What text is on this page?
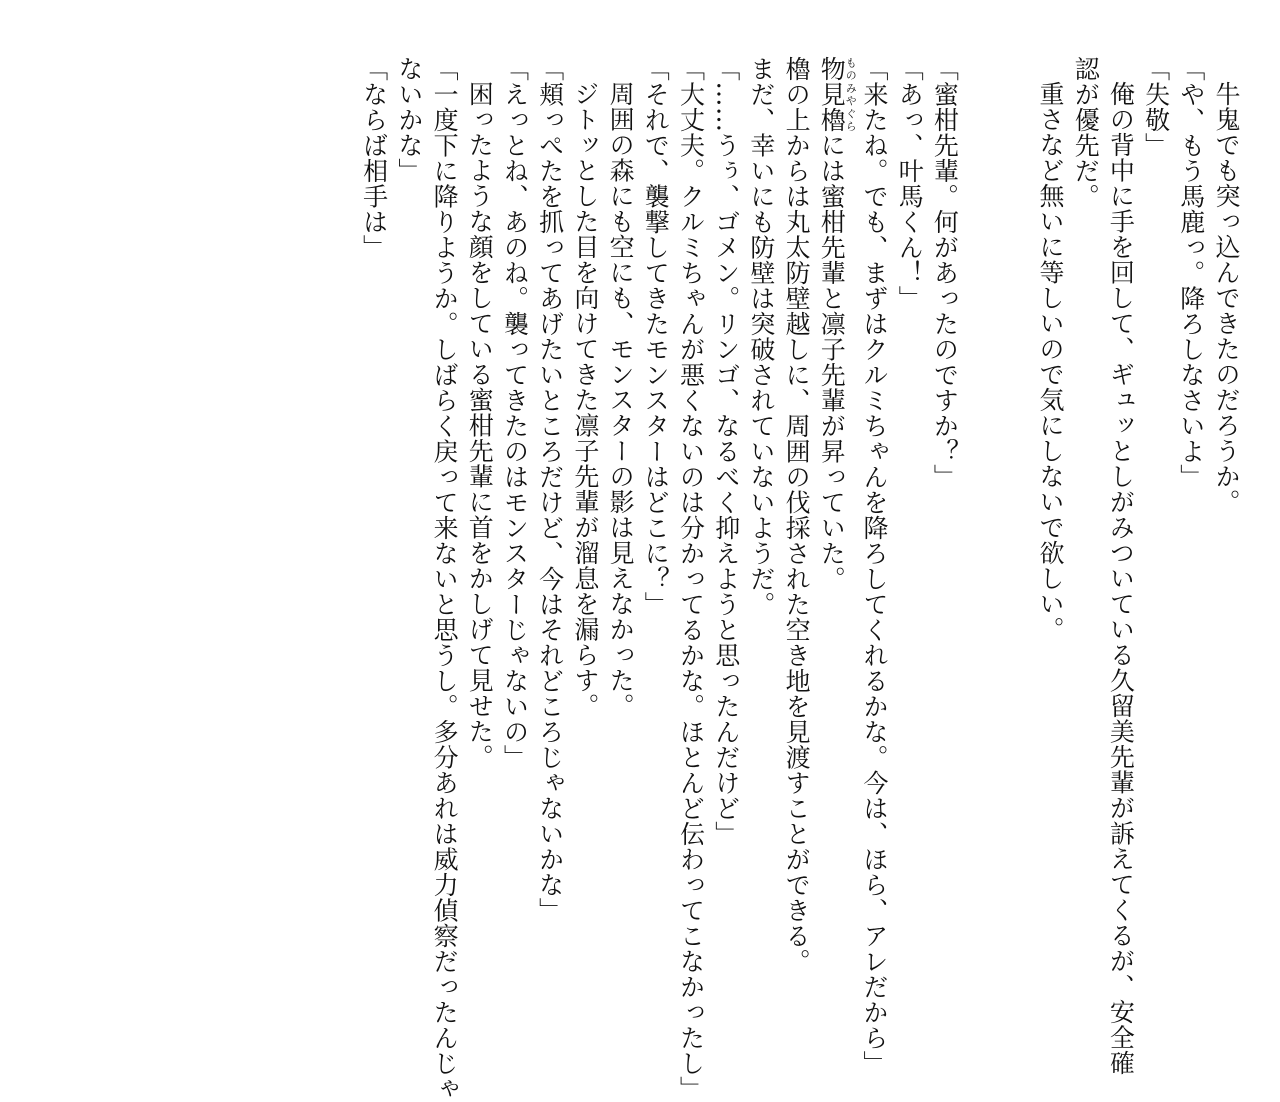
牛鬼でも突っ込んできたのだろうか。
「や、もう馬鹿っ。降ろしなさいよ」
「失敬」
俺の背中に手を回して、ギュッとしがみついている久留美先輩が訴えてくるが、安全確
認が優先だ。
重さなど無いに等しいので気にしないで欲しい。
「蜜柑先輩。何があったのですか？」
「あっ、叶馬くん！」
「来たね。でも、まずはクルミちゃんを降ろしてくれるかな。今は、ほら、アレだから」
物見櫓ものみやぐらには蜜柑先輩と凛子先輩が昇っていた。
櫓の上からは丸太防壁越しに、周囲の伐採された空き地を見渡すことができる。
まだ、幸いにも防壁は突破されていないようだ。
「……うぅ、ゴメン。リンゴ、なるべく抑えようと思ったんだけど」
「大丈夫。クルミちゃんが悪くないのは分かってるかな。ほとんど伝わってこなかったし」
「それで、襲撃してきたモンスターはどこに？」
周囲の森にも空にも、モンスターの影は見えなかった。
ジトッとした目を向けてきた凛子先輩が溜息を漏らす。
「頬っぺたを抓ってあげたいところだけど、今はそれどころじゃないかな」
「えっとね、あのね。襲ってきたのはモンスターじゃないの」
困ったような顔をしている蜜柑先輩に首をかしげて見せた。
「一度下に降りようか。しばらく戻って来ないと思うし。多分あれは威力偵察だったんじゃ
ないかな」
「ならば相手は」
